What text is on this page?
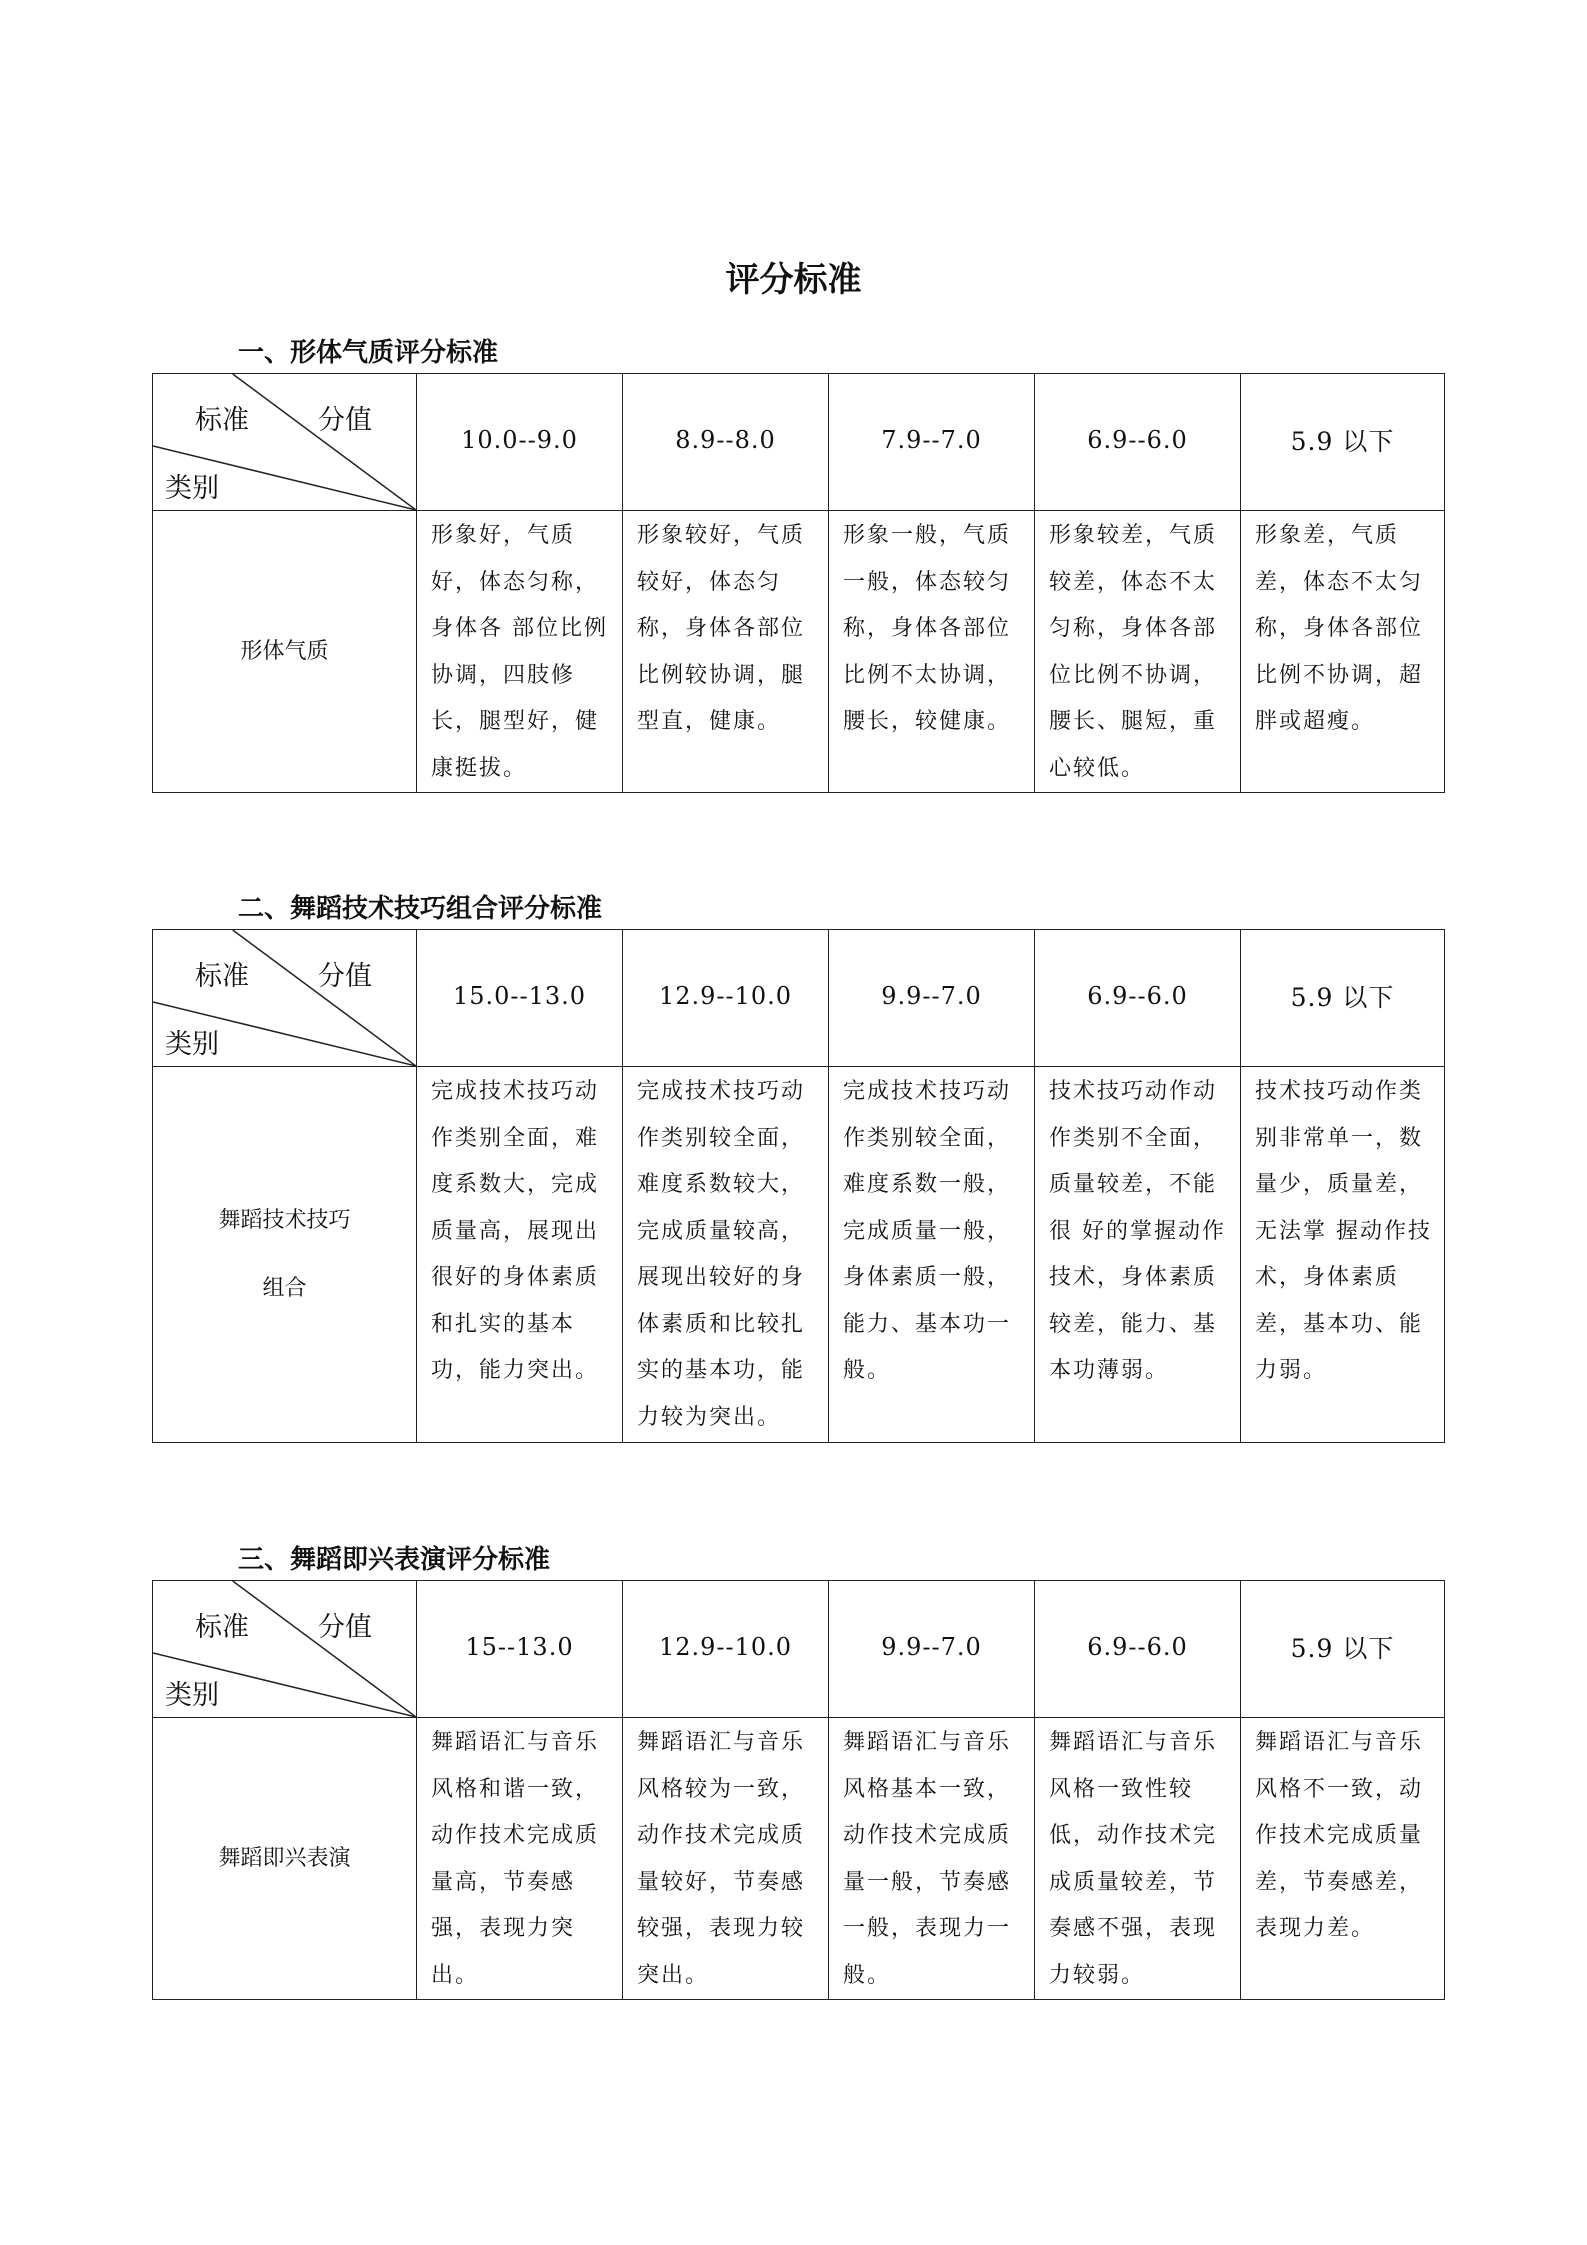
评分标准
一、形体气质评分标准
标准 分值
类别	10.0--9.0	8.9--8.0	7.9--7.0	6.9--6.0	5.9 以下
形体气质	形象好，气质好，体态匀称，身体各 部位比例协调，四肢修长，腿型好，健康挺拔。	形象较好，气质较好，体态匀称，身体各部位比例较协调，腿型直，健康。	形象一般，气质一般，体态较匀称，身体各部位比例不太协调，腰长，较健康。	形象较差，气质较差，体态不太匀称，身体各部位比例不协调，腰长、腿短，重心较低。	形象差，气质差，体态不太匀称，身体各部位比例不协调，超胖或超瘦。
二、舞蹈技术技巧组合评分标准
标准 分值
类别	15.0--13.0	12.9--10.0	9.9--7.0	6.9--6.0	5.9 以下

舞蹈技术技巧
组合	完成技术技巧动作类别全面，难度系数大，完成质量高，展现出很好的身体素质和扎实的基本功，能力突出。	完成技术技巧动作类别较全面，难度系数较大，完成质量较高，展现出较好的身体素质和比较扎实的基本功，能力较为突出。	完成技术技巧动作类别较全面，难度系数一般，完成质量一般，身体素质一般，能力、基本功一般。	技术技巧动作动作类别不全面，质量较差，不能很 好的掌握动作技术，身体素质较差，能力、基本功薄弱。	技术技巧动作类别非常单一，数量少，质量差，无法掌 握动作技术，身体素质差，基本功、能力弱。
三、舞蹈即兴表演评分标准
标准 分值
类别	15--13.0	12.9--10.0	9.9--7.0	6.9--6.0	5.9 以下
舞蹈即兴表演	舞蹈语汇与音乐风格和谐一致，动作技术完成质量高，节奏感强，表现力突出。	舞蹈语汇与音乐风格较为一致，动作技术完成质量较好，节奏感较强，表现力较突出。	舞蹈语汇与音乐风格基本一致，动作技术完成质量一般，节奏感一般，表现力一般。	舞蹈语汇与音乐风格一致性较低，动作技术完成质量较差，节奏感不强，表现力较弱。	舞蹈语汇与音乐风格不一致，动作技术完成质量差，节奏感差，表现力差。
